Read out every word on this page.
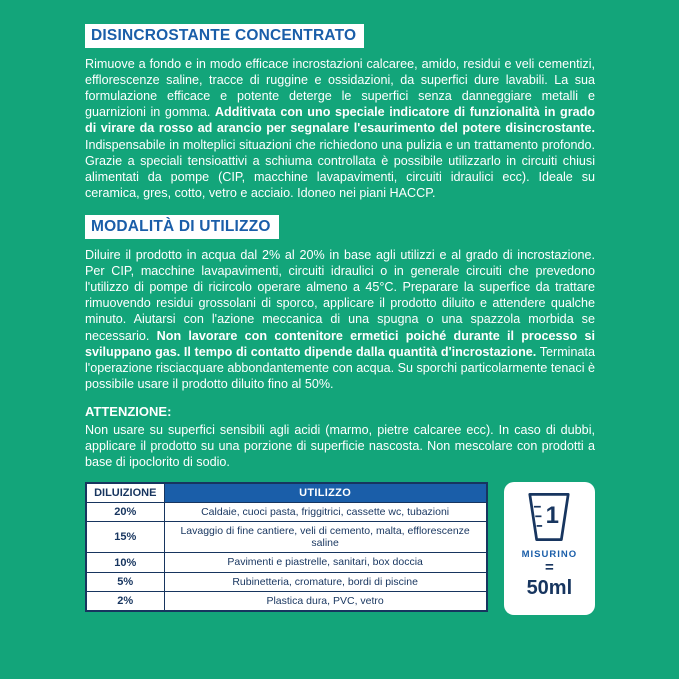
DISINCROSTANTE CONCENTRATO

Rimuove a fondo e in modo efficace incrostazioni calcaree, amido, residui e veli cementizi, efflorescenze saline, tracce di ruggine e ossidazioni, da superfici dure lavabili. La sua formulazione efficace e potente deterge le superfici senza danneggiare metalli e guarnizioni in gomma. Additivata con uno speciale indicatore di funzionalità in grado di virare da rosso ad arancio per segnalare l'esaurimento del potere disincrostante. Indispensabile in molteplici situazioni che richiedono una pulizia e un trattamento profondo. Grazie a speciali tensioattivi a schiuma controllata è possibile utilizzarlo in circuiti chiusi alimentati da pompe (CIP, macchine lavapavimenti, circuiti idraulici ecc). Ideale su ceramica, gres, cotto, vetro e acciaio. Idoneo nei piani HACCP.

MODALITÀ DI UTILIZZO

Diluire il prodotto in acqua dal 2% al 20% in base agli utilizzi e al grado di incrostazione. Per CIP, macchine lavapavimenti, circuiti idraulici o in generale circuiti che prevedono l'utilizzo di pompe di ricircolo operare almeno a 45°C. Preparare la superfice da trattare rimuovendo residui grossolani di sporco, applicare il prodotto diluito e attendere qualche minuto. Aiutarsi con l'azione meccanica di una spugna o una spazzola morbida se necessario. Non lavorare con contenitore ermetici poiché durante il processo si sviluppano gas. Il tempo di contatto dipende dalla quantità d'incrostazione. Terminata l'operazione risciacquare abbondantemente con acqua. Su sporchi particolarmente tenaci è possibile usare il prodotto diluito fino al 50%.

ATTENZIONE:

Non usare su superfici sensibili agli acidi (marmo, pietre calcaree ecc). In caso di dubbi, applicare il prodotto su una porzione di superficie nascosta. Non mescolare con prodotti a base di ipoclorito di sodio.

DILUIZIONE	UTILIZZO
20%	Caldaie, cuoci pasta, friggitrici, cassette wc, tubazioni
15%	Lavaggio di fine cantiere, veli di cemento, malta, efflorescenze saline
10%	Pavimenti e piastrelle, sanitari, box doccia
5%	Rubinetteria, cromature, bordi di piscine
2%	Plastica dura, PVC, vetro
1
MISURINO
=
50ml
